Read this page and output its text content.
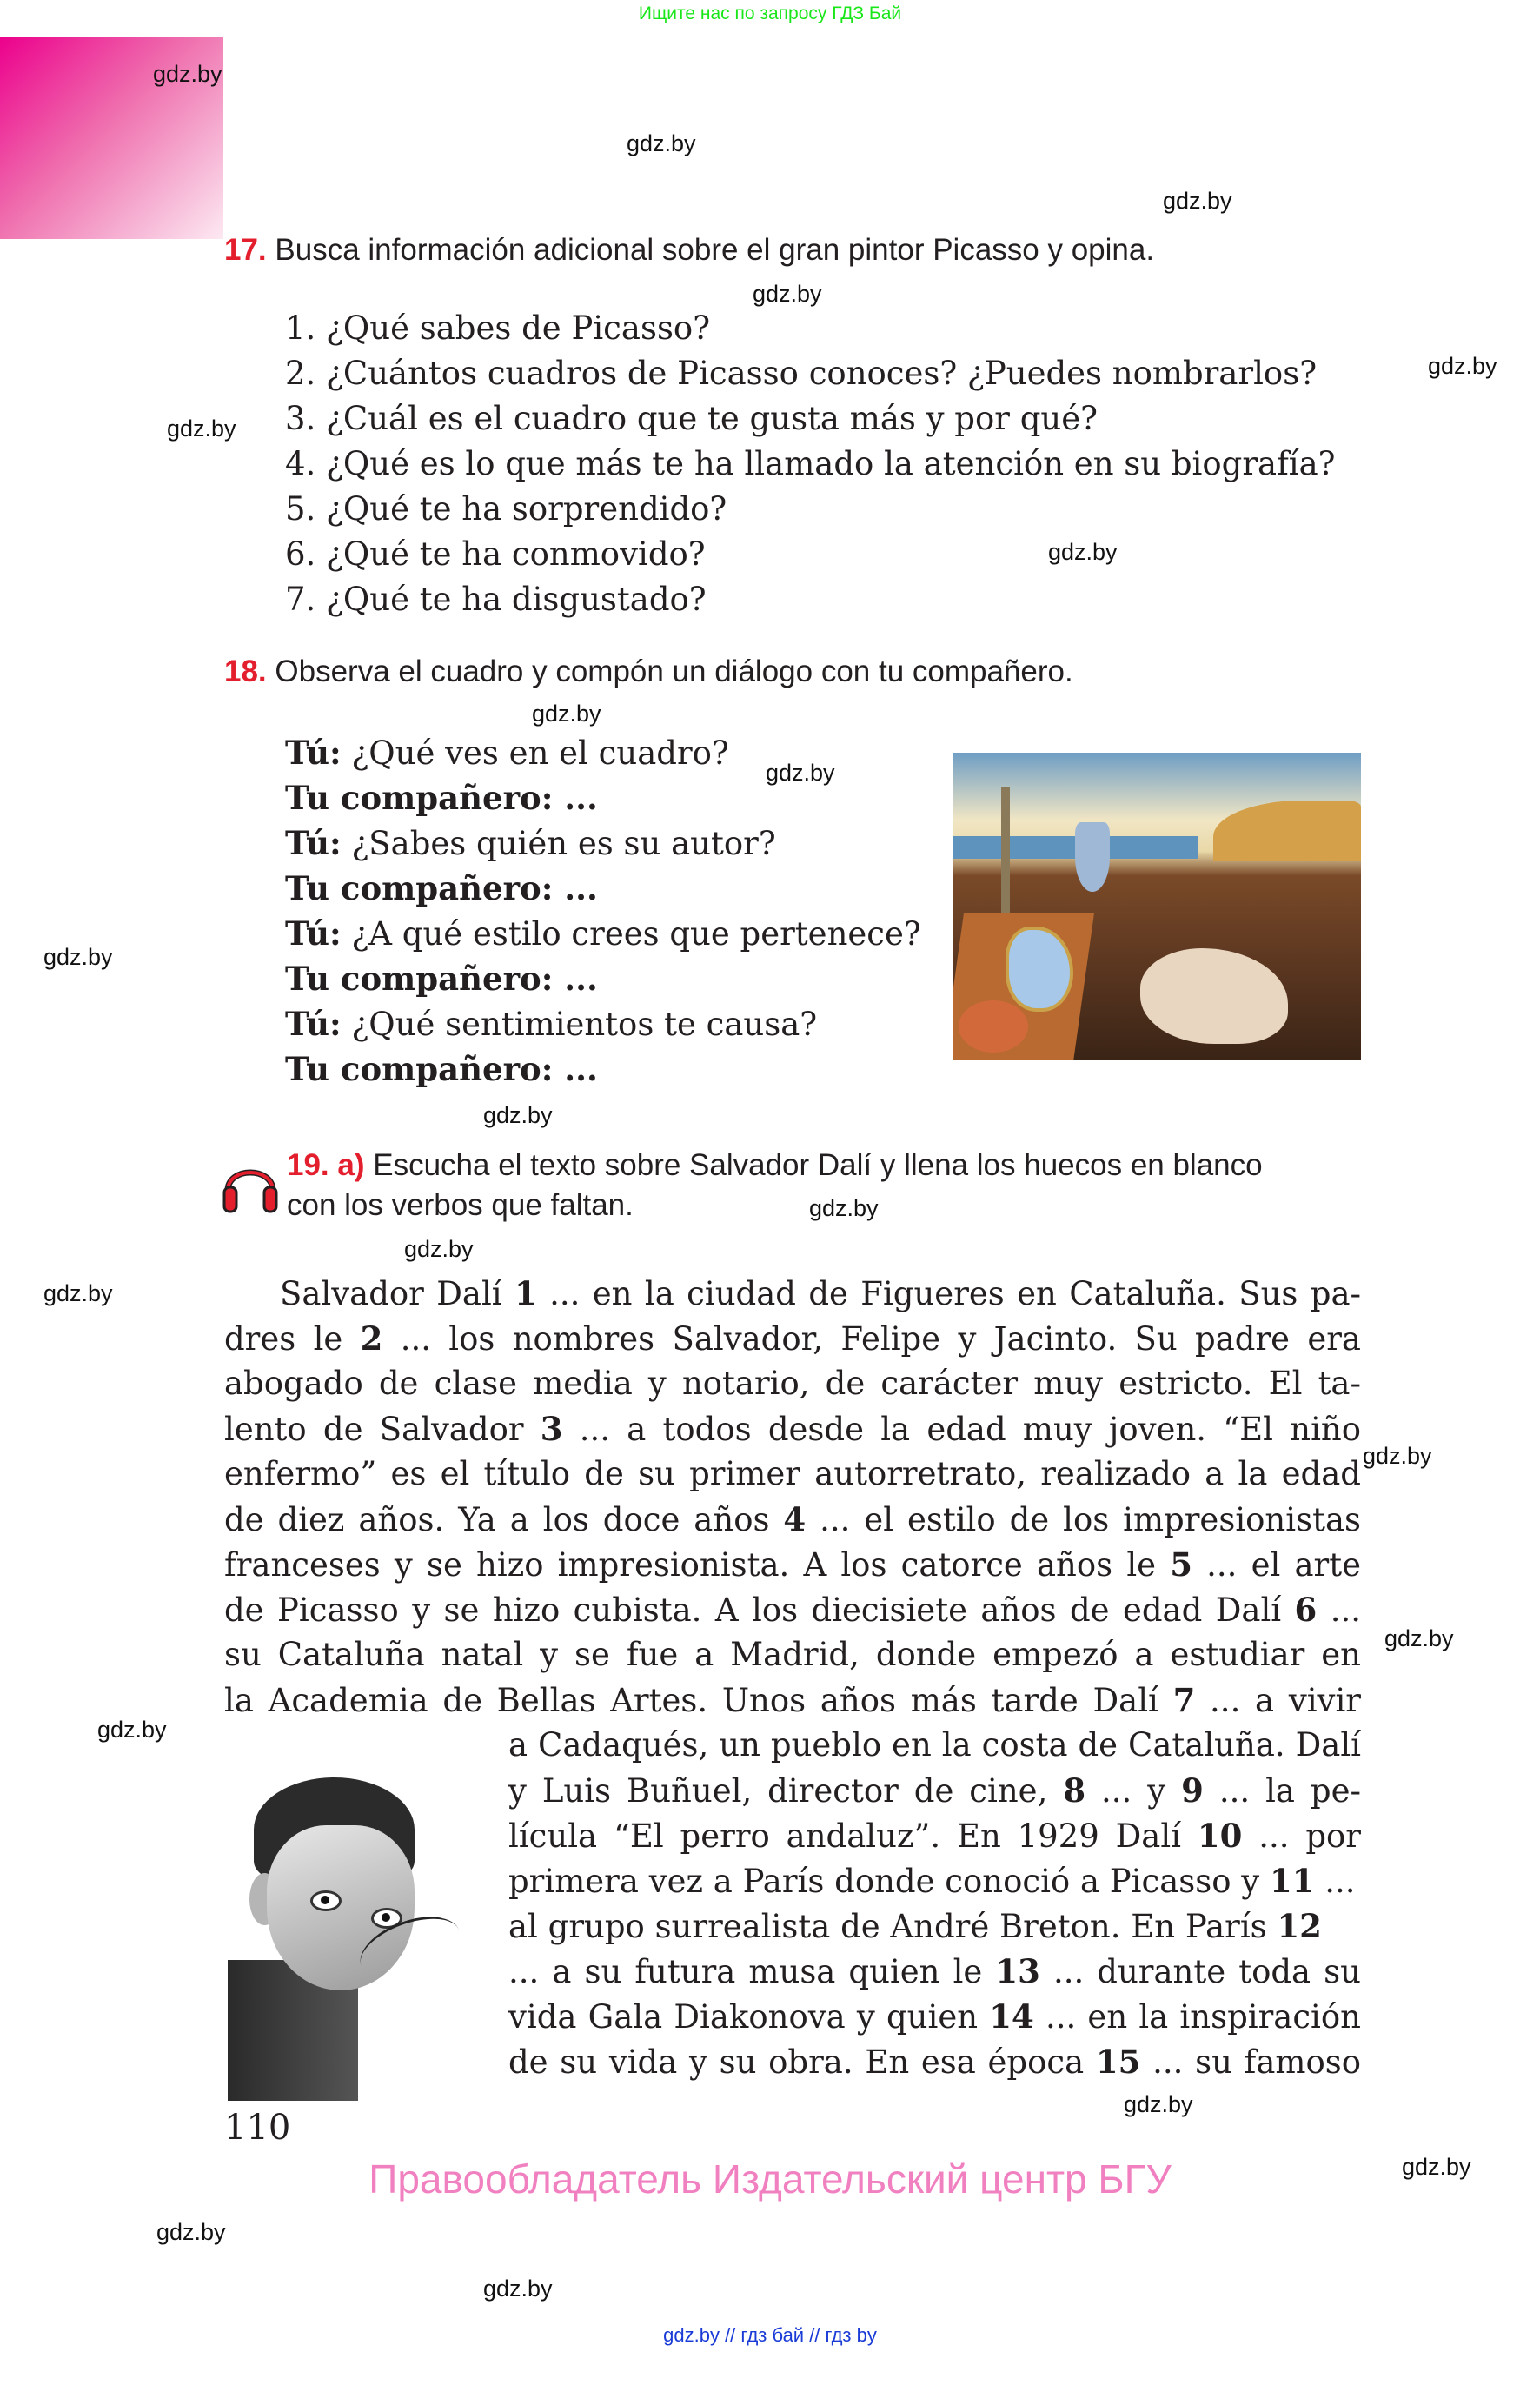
Ищите нас по запросу ГДЗ Бай
gdz.by
gdz.by
gdz.by
gdz.by
gdz.by
gdz.by
gdz.by
gdz.by
gdz.by
gdz.by
gdz.by
gdz.by
gdz.by
gdz.by
gdz.by
gdz.by
gdz.by
gdz.by
gdz.by
gdz.by
gdz.by
17. Busca información adicional sobre el gran pintor Picasso y opina.
1. ¿Qué sabes de Picasso?
2. ¿Cuántos cuadros de Picasso conoces? ¿Puedes nombrarlos?
3. ¿Cuál es el cuadro que te gusta más y por qué?
4. ¿Qué es lo que más te ha llamado la atención en su biografía?
5. ¿Qué te ha sorprendido?
6. ¿Qué te ha conmovido?
7. ¿Qué te ha disgustado?
18. Observa el cuadro y compón un diálogo con tu compañero.
Tú: ¿Qué ves en el cuadro?
Tu compañero: ...
Tú: ¿Sabes quién es su autor?
Tu compañero: ...
Tú: ¿A qué estilo crees que pertenece?
Tu compañero: ...
Tú: ¿Qué sentimientos te causa?
Tu compañero: ...
19. a) Escucha el texto sobre Salvador Dalí y llena los huecos en blanco
con los verbos que faltan.
Salvador Dalí 1 ... en la ciudad de Figueres en Cataluña. Sus pa-
dres le 2 ... los nombres Salvador, Felipe y Jacinto. Su padre era
abogado de clase media y notario, de carácter muy estricto. El ta-
lento de Salvador 3 ... a todos desde la edad muy joven. “El niño
enfermo” es el título de su primer autorretrato, realizado a la edad
de diez años. Ya a los doce años 4 ... el estilo de los impresionistas
franceses y se hizo impresionista. A los catorce años le 5 ... el arte
de Picasso y se hizo cubista. A los diecisiete años de edad Dalí 6 ...
su Cataluña natal y se fue a Madrid, donde empezó a estudiar en
la Academia de Bellas Artes. Unos años más tarde Dalí 7 ... a vivir
a Cadaqués, un pueblo en la costa de Cataluña. Dalí
y Luis Buñuel, director de cine, 8 ... y 9 ... la pe-
lícula “El perro andaluz”. En 1929 Dalí 10 ... por
primera vez a París donde conoció a Picasso y 11 ...
al grupo surrealista de André Breton. En París 12
... a su futura musa quien le 13 ... durante toda su
vida Gala Diakonova y quien 14 ... en la inspiración
de su vida y su obra. En esa época 15 ... su famoso
110
Правообладатель Издательский центр БГУ
gdz.by // гдз бай // гдз by
